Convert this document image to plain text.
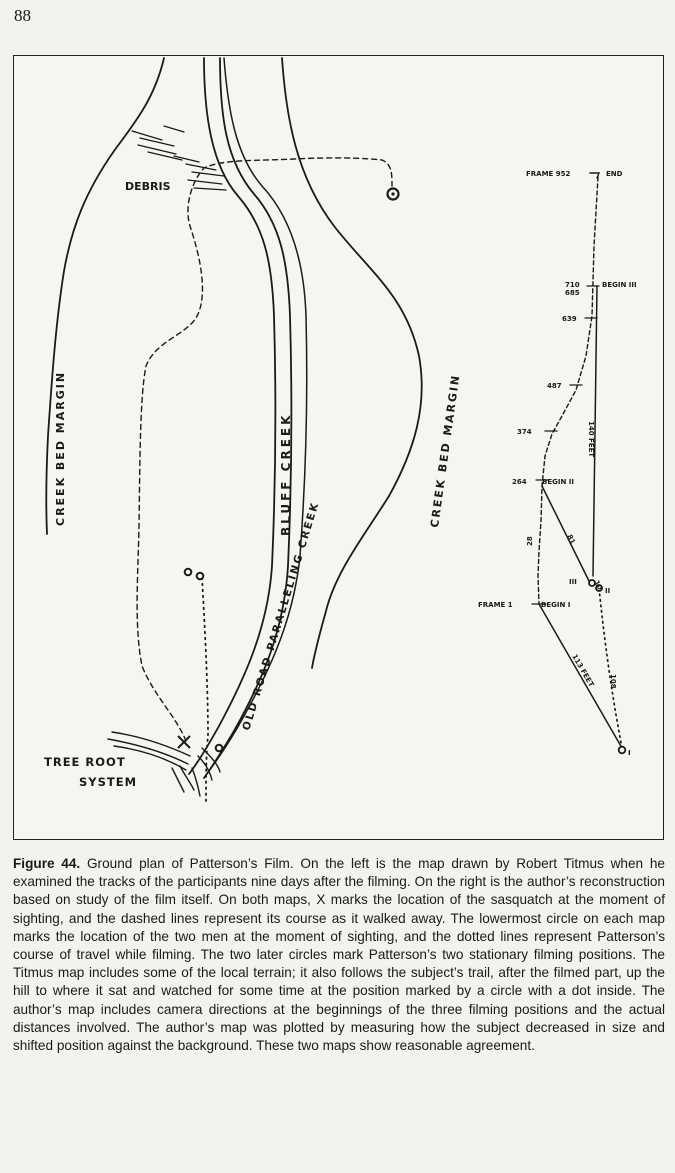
88
DEBRIS
CREEK BED MARGIN	CREEK BED MARGIN
BLUFF CREEK
OLD ROAD PARALLELING CREEK
TREE ROOT
SYSTEM
FRAME 952	END
710
685
BEGIN III
639
487
374
264 BEGIN II
FRAME 1	BEGIN I
III
II
I
140 FEET
113 FEET
81
28
10
108

Figure 44. Ground plan of Patterson’s Film. On the left is the map drawn by Robert Titmus when he examined the tracks of the participants nine days after the filming. On the right is the author’s reconstruction based on study of the film itself. On both maps, X marks the location of the sasquatch at the moment of sighting, and the dashed lines represent its course as it walked away. The lowermost circle on each map marks the location of the two men at the moment of sighting, and the dotted lines represent Patterson’s course of travel while filming. The two later circles mark Patterson’s two stationary filming positions. The Titmus map includes some of the local terrain; it also follows the subject’s trail, after the filmed part, up the hill to where it sat and watched for some time at the position marked by a circle with a dot inside. The author’s map includes camera directions at the beginnings of the three filming positions and the actual distances involved. The author’s map was plotted by measuring how the subject decreased in size and shifted position against the background. These two maps show reasonable agreement.
